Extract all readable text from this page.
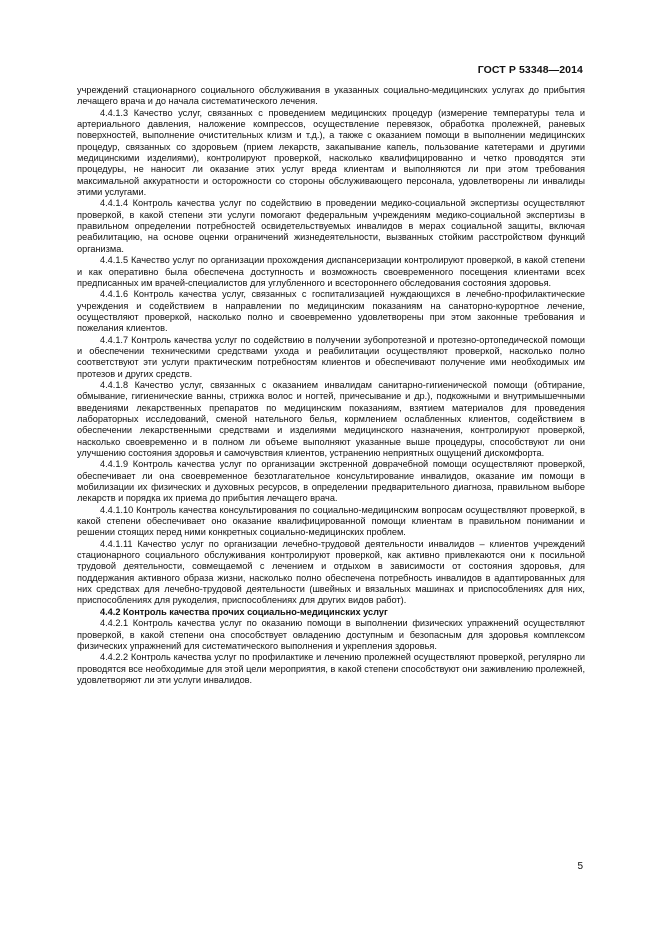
ГОСТ Р 53348—2014

учреждений стационарного социального обслуживания в указанных социально-медицинских услугах до прибытия лечащего врача и до начала систематического лечения.

4.4.1.3 Качество услуг, связанных с проведением медицинских процедур (измерение температуры тела и артериального давления, наложение компрессов, осуществление перевязок, обработка пролежней, раневых поверхностей, выполнение очистительных клизм и т.д.), а также с оказанием помощи в выполнении медицинских процедур, связанных со здоровьем (прием лекарств, закапывание капель, пользование катетерами и другими медицинскими изделиями), контролируют проверкой, насколько квалифицированно и четко проводятся эти процедуры, не наносит ли оказание этих услуг вреда клиентам и выполняются ли при этом требования максимальной аккуратности и осторожности со стороны обслуживающего персонала, удовлетворены ли инвалиды этими услугами.

4.4.1.4 Контроль качества услуг по содействию в проведении медико-социальной экспертизы осуществляют проверкой, в какой степени эти услуги помогают федеральным учреждениям медико-социальной экспертизы в правильном определении потребностей освидетельствуемых инвалидов в мерах социальной защиты, включая реабилитацию, на основе оценки ограничений жизнедеятельности, вызванных стойким расстройством функций организма.

4.4.1.5 Качество услуг по организации прохождения диспансеризации контролируют проверкой, в какой степени и как оперативно была обеспечена доступность и возможность своевременного посещения клиентами всех предписанных им врачей-специалистов для углубленного и всестороннего обследования состояния здоровья.

4.4.1.6 Контроль качества услуг, связанных с госпитализацией нуждающихся в лечебно-профилактические учреждения и содействием в направлении по медицинским показаниям на санаторно-курортное лечение, осуществляют проверкой, насколько полно и своевременно удовлетворены при этом законные требования и пожелания клиентов.

4.4.1.7 Контроль качества услуг по содействию в получении зубопротезной и протезно-ортопедической помощи и обеспечении техническими средствами ухода и реабилитации осуществляют проверкой, насколько полно соответствуют эти услуги практическим потребностям клиентов и обеспечивают получение ими необходимых им протезов и других средств.

4.4.1.8 Качество услуг, связанных с оказанием инвалидам санитарно-гигиенической помощи (обтирание, обмывание, гигиенические ванны, стрижка волос и ногтей, причесывание и др.), подкожными и внутримышечными введениями лекарственных препаратов по медицинским показаниям, взятием материалов для проведения лабораторных исследований, сменой нательного белья, кормлением ослабленных клиентов, содействием в обеспечении лекарственными средствами и изделиями медицинского назначения, контролируют проверкой, насколько своевременно и в полном ли объеме выполняют указанные выше процедуры, способствуют ли они улучшению состояния здоровья и самочувствия клиентов, устранению неприятных ощущений дискомфорта.

4.4.1.9 Контроль качества услуг по организации экстренной доврачебной помощи осуществляют проверкой, обеспечивает ли она своевременное безотлагательное консультирование инвалидов, оказание им помощи в мобилизации их физических и духовных ресурсов, в определении предварительного диагноза, правильном выборе лекарств и порядка их приема до прибытия лечащего врача.

4.4.1.10 Контроль качества консультирования по социально-медицинским вопросам осуществляют проверкой, в какой степени обеспечивает оно оказание квалифицированной помощи клиентам в правильном понимании и решении стоящих перед ними конкретных социально-медицинских проблем.

4.4.1.11 Качество услуг по организации лечебно-трудовой деятельности инвалидов – клиентов учреждений стационарного социального обслуживания контролируют проверкой, как активно привлекаются они к посильной трудовой деятельности, совмещаемой с лечением и отдыхом в зависимости от состояния здоровья, для поддержания активного образа жизни, насколько полно обеспечена потребность инвалидов в адаптированных для них средствах для лечебно-трудовой деятельности (швейных и вязальных машинах и приспособлениях для них, приспособлениях для рукоделия, приспособлениях для других видов работ).

4.4.2 Контроль качества прочих социально-медицинских услуг

4.4.2.1 Контроль качества услуг по оказанию помощи в выполнении физических упражнений осуществляют проверкой, в какой степени она способствует овладению доступным и безопасным для здоровья комплексом физических упражнений для систематического выполнения и укрепления здоровья.

4.4.2.2 Контроль качества услуг по профилактике и лечению пролежней осуществляют проверкой, регулярно ли проводятся все необходимые для этой цели мероприятия, в какой степени способствуют они заживлению пролежней, удовлетворяют ли эти услуги инвалидов.

5
